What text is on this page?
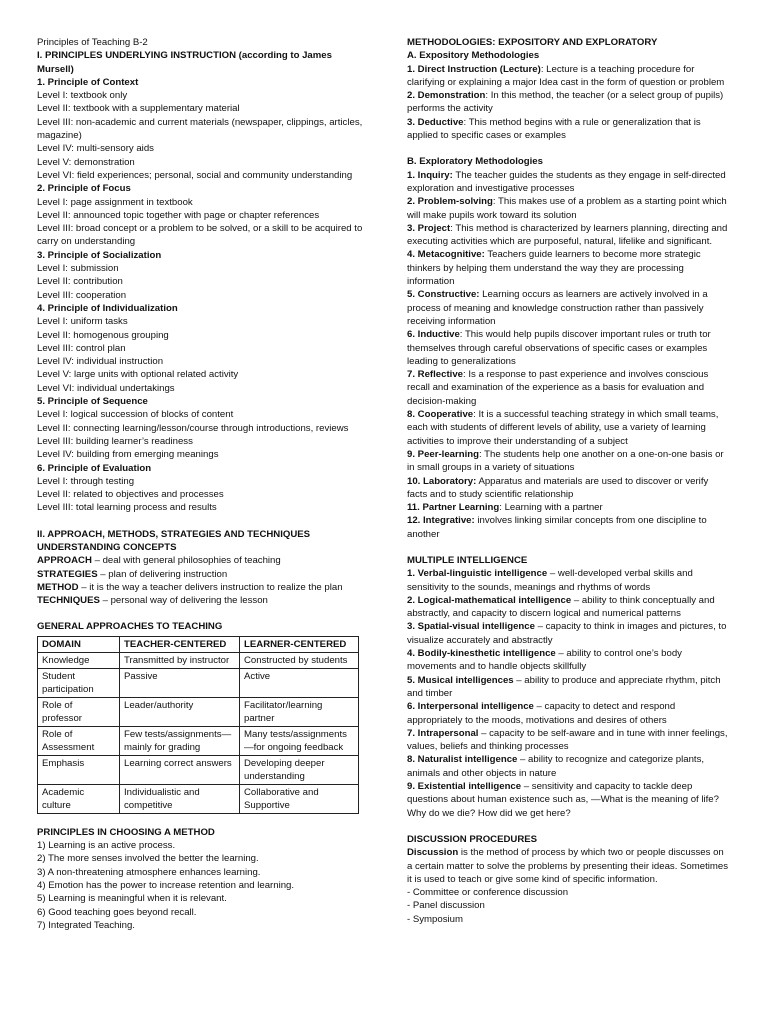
Principles of Teaching B-2

I. PRINCIPLES UNDERLYING INSTRUCTION (according to James Mursell)

1. Principle of Context

Level I: textbook only

Level II: textbook with a supplementary material

Level III: non-academic and current materials (newspaper, clippings, articles, magazine)

Level IV: multi-sensory aids

Level V: demonstration

Level VI: field experiences; personal, social and community understanding

2. Principle of Focus

Level I: page assignment in textbook

Level II: announced topic together with page or chapter references

Level III: broad concept or a problem to be solved, or a skill to be acquired to carry on understanding

3. Principle of Socialization

Level I: submission

Level II: contribution

Level III: cooperation

4. Principle of Individualization

Level I: uniform tasks

Level II: homogenous grouping

Level III: control plan

Level IV: individual instruction

Level V: large units with optional related activity

Level VI: individual undertakings

5. Principle of Sequence

Level I: logical succession of blocks of content

Level II: connecting learning/lesson/course through introductions, reviews

Level III: building learner’s readiness

Level IV: building from emerging meanings

6. Principle of Evaluation

Level I: through testing

Level II: related to objectives and processes

Level III: total learning process and results

II. APPROACH, METHODS, STRATEGIES AND TECHNIQUES UNDERSTANDING CONCEPTS

APPROACH – deal with general philosophies of teaching

STRATEGIES – plan of delivering instruction

METHOD – it is the way a teacher delivers instruction to realize the plan

TECHNIQUES – personal way of delivering the lesson

GENERAL APPROACHES TO TEACHING

DOMAIN	TEACHER-CENTERED	LEARNER-CENTERED
Knowledge	Transmitted by instructor	Constructed by students
Student participation	Passive	Active
Role of professor	Leader/authority	Facilitator/learning partner
Role of Assessment	Few tests/assignments—mainly for grading	Many tests/assignments—for ongoing feedback
Emphasis	Learning correct answers	Developing deeper understanding
Academic culture	Individualistic and competitive	Collaborative and Supportive

PRINCIPLES IN CHOOSING A METHOD

1) Learning is an active process.

2) The more senses involved the better the learning.

3) A non-threatening atmosphere enhances learning.

4) Emotion has the power to increase retention and learning.

5) Learning is meaningful when it is relevant.

6) Good teaching goes beyond recall.

7) Integrated Teaching.

METHODOLOGIES: EXPOSITORY AND EXPLORATORY

A. Expository Methodologies

1. Direct Instruction (Lecture): Lecture is a teaching procedure for clarifying or explaining a major Idea cast in the form of question or problem

2. Demonstration: In this method, the teacher (or a select group of pupils) performs the activity

3. Deductive: This method begins with a rule or generalization that is applied to specific cases or examples

B. Exploratory Methodologies

1. Inquiry: The teacher guides the students as they engage in self-directed exploration and investigative processes

2. Problem-solving: This makes use of a problem as a starting point which will make pupils work toward its solution

3. Project: This method is characterized by learners planning, directing and executing activities which are purposeful, natural, lifelike and significant.

4. Metacognitive: Teachers guide learners to become more strategic thinkers by helping them understand the way they are processing information

5. Constructive: Learning occurs as learners are actively involved in a process of meaning and knowledge construction rather than passively receiving information

6. Inductive: This would help pupils discover important rules or truth tor themselves through careful observations of specific cases or examples leading to generalizations

7. Reflective: Is a response to past experience and involves conscious recall and examination of the experience as a basis for evaluation and decision-making

8. Cooperative: It is a successful teaching strategy in which small teams, each with students of different levels of ability, use a variety of learning activities to improve their understanding of a subject

9. Peer-learning: The students help one another on a one-on-one basis or in small groups in a variety of situations

10. Laboratory: Apparatus and materials are used to discover or verify facts and to study scientific relationship

11. Partner Learning: Learning with a partner

12. Integrative: involves linking similar concepts from one discipline to another

MULTIPLE INTELLIGENCE

1. Verbal-linguistic intelligence – well-developed verbal skills and sensitivity to the sounds, meanings and rhythms of words

2. Logical-mathematical intelligence – ability to think conceptually and abstractly, and capacity to discern logical and numerical patterns

3. Spatial-visual intelligence – capacity to think in images and pictures, to visualize accurately and abstractly

4. Bodily-kinesthetic intelligence – ability to control one’s body movements and to handle objects skillfully

5. Musical intelligences – ability to produce and appreciate rhythm, pitch and timber

6. Interpersonal intelligence – capacity to detect and respond appropriately to the moods, motivations and desires of others

7. Intrapersonal – capacity to be self-aware and in tune with inner feelings, values, beliefs and thinking processes

8. Naturalist intelligence – ability to recognize and categorize plants, animals and other objects in nature

9. Existential intelligence – sensitivity and capacity to tackle deep questions about human existence such as, —What is the meaning of life? Why do we die? How did we get here?

DISCUSSION PROCEDURES

Discussion is the method of process by which two or people discusses on a certain matter to solve the problems by presenting their ideas. Sometimes it is used to teach or give some kind of specific information.

- Committee or conference discussion

- Panel discussion

- Symposium
